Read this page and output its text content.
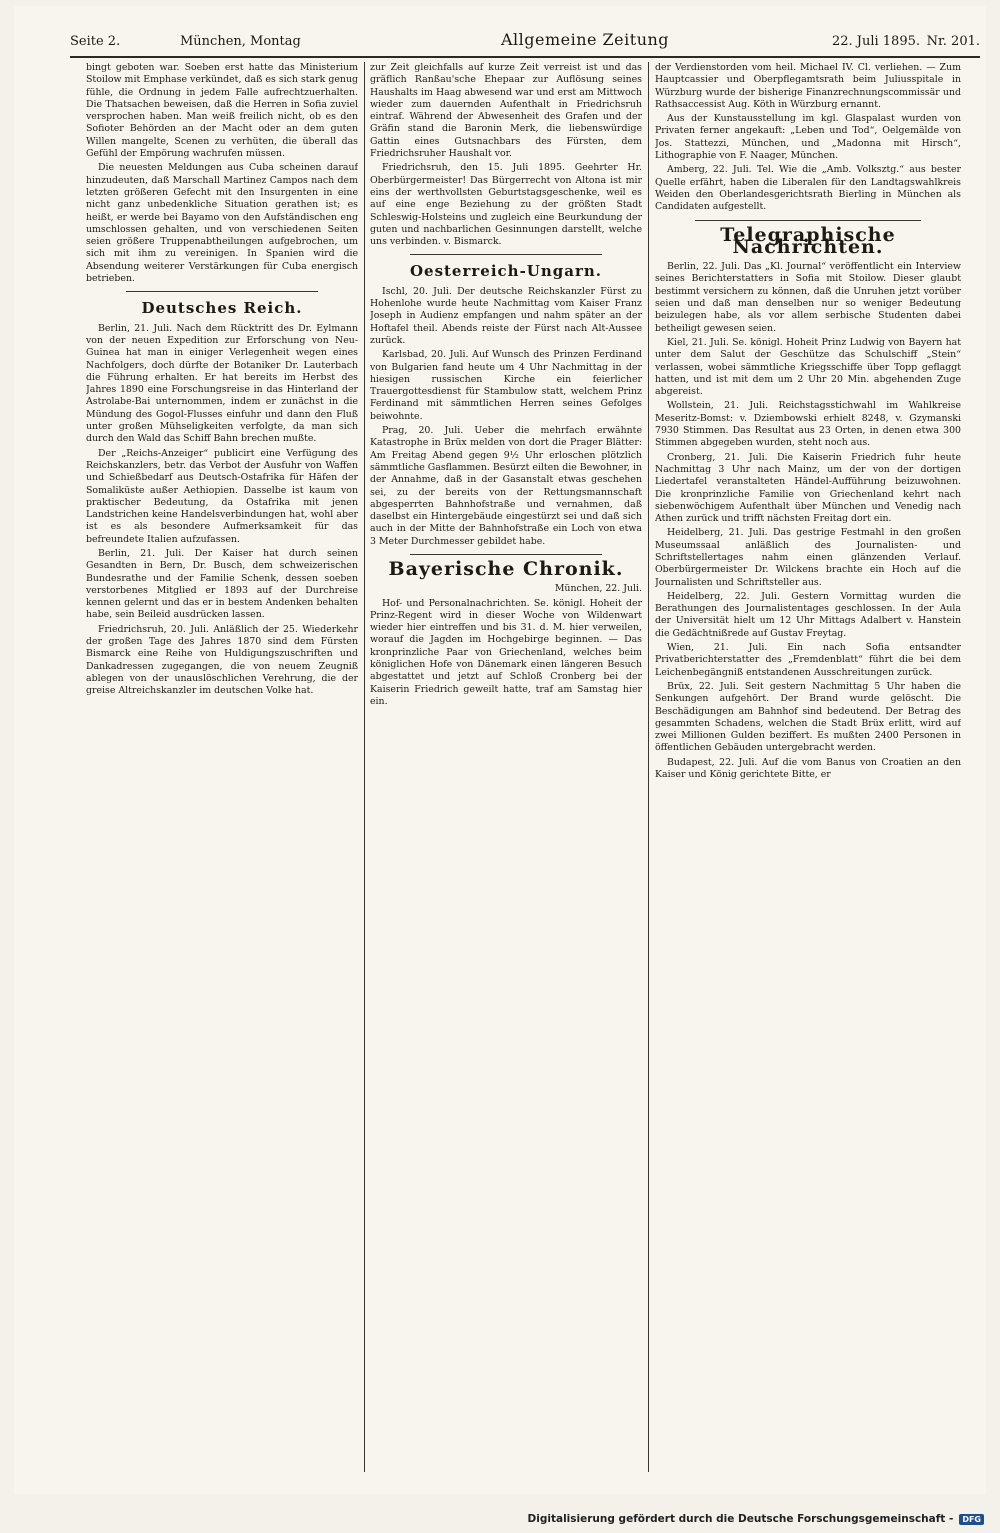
Seite 2.	München, Montag	Allgemeine Zeitung	22. Juli 1895. Nr. 201.

bingt geboten war. Soeben erst hatte das Ministerium Stoilow mit Emphase verkündet, daß es sich stark genug fühle, die Ordnung in jedem Falle aufrechtzuerhalten. Die Thatsachen beweisen, daß die Herren in Sofia zuviel versprochen haben. Man weiß freilich nicht, ob es den Sofioter Behörden an der Macht oder an dem guten Willen mangelte, Scenen zu verhüten, die überall das Gefühl der Empörung wachrufen müssen.

Die neuesten Meldungen aus Cuba scheinen darauf hinzudeuten, daß Marschall Martinez Campos nach dem letzten größeren Gefecht mit den Insurgenten in eine nicht ganz unbedenkliche Situation gerathen ist; es heißt, er werde bei Bayamo von den Aufständischen eng umschlossen gehalten, und von verschiedenen Seiten seien größere Truppenabtheilungen aufgebrochen, um sich mit ihm zu vereinigen. In Spanien wird die Absendung weiterer Verstärkungen für Cuba energisch betrieben.

Deutsches Reich.

Berlin, 21. Juli. Nach dem Rücktritt des Dr. Eylmann von der neuen Expedition zur Erforschung von Neu-Guinea hat man in einiger Verlegenheit wegen eines Nachfolgers, doch dürfte der Botaniker Dr. Lauterbach die Führung erhalten. Er hat bereits im Herbst des Jahres 1890 eine Forschungsreise in das Hinterland der Astrolabe-Bai unternommen, indem er zunächst in die Mündung des Gogol-Flusses einfuhr und dann den Fluß unter großen Mühseligkeiten verfolgte, da man sich durch den Wald das Schiff Bahn brechen mußte.

Der „Reichs-Anzeiger“ publicirt eine Verfügung des Reichskanzlers, betr. das Verbot der Ausfuhr von Waffen und Schießbedarf aus Deutsch-Ostafrika für Häfen der Somaliküste außer Aethiopien. Dasselbe ist kaum von praktischer Bedeutung, da Ostafrika mit jenen Landstrichen keine Handelsverbindungen hat, wohl aber ist es als besondere Aufmerksamkeit für das befreundete Italien aufzufassen.

Berlin, 21. Juli. Der Kaiser hat durch seinen Gesandten in Bern, Dr. Busch, dem schweizerischen Bundesrathe und der Familie Schenk, dessen soeben verstorbenes Mitglied er 1893 auf der Durchreise kennen gelernt und das er in bestem Andenken behalten habe, sein Beileid ausdrücken lassen.

Friedrichsruh, 20. Juli. Anläßlich der 25. Wiederkehr der großen Tage des Jahres 1870 sind dem Fürsten Bismarck eine Reihe von Huldigungszuschriften und Dankadressen zugegangen, die von neuem Zeugniß ablegen von der unauslöschlichen Verehrung, die der greise Altreichskanzler im deutschen Volke hat.

zur Zeit gleichfalls auf kurze Zeit verreist ist und das gräflich Ranßau'sche Ehepaar zur Auflösung seines Haushalts im Haag abwesend war und erst am Mittwoch wieder zum dauernden Aufenthalt in Friedrichsruh eintraf. Während der Abwesenheit des Grafen und der Gräfin stand die Baronin Merk, die liebenswürdige Gattin eines Gutsnachbars des Fürsten, dem Friedrichsruher Haushalt vor.

Friedrichsruh, den 15. Juli 1895. Geehrter Hr. Oberbürgermeister! Das Bürgerrecht von Altona ist mir eins der werthvollsten Geburtstagsgeschenke, weil es auf eine enge Beziehung zu der größten Stadt Schleswig-Holsteins und zugleich eine Beurkundung der guten und nachbarlichen Gesinnungen darstellt, welche uns verbinden. v. Bismarck.

Oesterreich-Ungarn.

Ischl, 20. Juli. Der deutsche Reichskanzler Fürst zu Hohenlohe wurde heute Nachmittag vom Kaiser Franz Joseph in Audienz empfangen und nahm später an der Hoftafel theil. Abends reiste der Fürst nach Alt-Aussee zurück.

Karlsbad, 20. Juli. Auf Wunsch des Prinzen Ferdinand von Bulgarien fand heute um 4 Uhr Nachmittag in der hiesigen russischen Kirche ein feierlicher Trauergottesdienst für Stambulow statt, welchem Prinz Ferdinand mit sämmtlichen Herren seines Gefolges beiwohnte.

Prag, 20. Juli. Ueber die mehrfach erwähnte Katastrophe in Brüx melden von dort die Prager Blätter: Am Freitag Abend gegen 9½ Uhr erloschen plötzlich sämmtliche Gasflammen. Besürzt eilten die Bewohner, in der Annahme, daß in der Gasanstalt etwas geschehen sei, zu der bereits von der Rettungsmannschaft abgesperrten Bahnhofstraße und vernahmen, daß daselbst ein Hintergebäude eingestürzt sei und daß sich auch in der Mitte der Bahnhofstraße ein Loch von etwa 3 Meter Durchmesser gebildet habe.

Bayerische Chronik.

München, 22. Juli.

Hof- und Personalnachrichten. Se. königl. Hoheit der Prinz-Regent wird in dieser Woche von Wildenwart wieder hier eintreffen und bis 31. d. M. hier verweilen, worauf die Jagden im Hochgebirge beginnen. — Das kronprinzliche Paar von Griechenland, welches beim königlichen Hofe von Dänemark einen längeren Besuch abgestattet und jetzt auf Schloß Cronberg bei der Kaiserin Friedrich geweilt hatte, traf am Samstag hier ein.

der Verdienstorden vom heil. Michael IV. Cl. verliehen. — Zum Hauptcassier und Oberpflegamtsrath beim Juliusspitale in Würzburg wurde der bisherige Finanzrechnungscommissär und Rathsaccessist Aug. Köth in Würzburg ernannt.

Aus der Kunstausstellung im kgl. Glaspalast wurden von Privaten ferner angekauft: „Leben und Tod“, Oelgemälde von Jos. Stattezzi, München, und „Madonna mit Hirsch“, Lithographie von F. Naager, München.

Amberg, 22. Juli. Tel. Wie die „Amb. Volksztg.“ aus bester Quelle erfährt, haben die Liberalen für den Landtagswahlkreis Weiden den Oberlandesgerichtsrath Bierling in München als Candidaten aufgestellt.

Telegraphische Nachrichten.

Berlin, 22. Juli. Das „Kl. Journal“ veröffentlicht ein Interview seines Berichterstatters in Sofia mit Stoilow. Dieser glaubt bestimmt versichern zu können, daß die Unruhen jetzt vorüber seien und daß man denselben nur so weniger Bedeutung beizulegen habe, als vor allem serbische Studenten dabei betheiligt gewesen seien.

Kiel, 21. Juli. Se. königl. Hoheit Prinz Ludwig von Bayern hat unter dem Salut der Geschütze das Schulschiff „Stein“ verlassen, wobei sämmtliche Kriegsschiffe über Topp geflaggt hatten, und ist mit dem um 2 Uhr 20 Min. abgehenden Zuge abgereist.

Wollstein, 21. Juli. Reichstagsstichwahl im Wahlkreise Meseritz-Bomst: v. Dziembowski erhielt 8248, v. Gzymanski 7930 Stimmen. Das Resultat aus 23 Orten, in denen etwa 300 Stimmen abgegeben wurden, steht noch aus.

Cronberg, 21. Juli. Die Kaiserin Friedrich fuhr heute Nachmittag 3 Uhr nach Mainz, um der von der dortigen Liedertafel veranstalteten Händel-Aufführung beizuwohnen. Die kronprinzliche Familie von Griechenland kehrt nach siebenwöchigem Aufenthalt über München und Venedig nach Athen zurück und trifft nächsten Freitag dort ein.

Heidelberg, 21. Juli. Das gestrige Festmahl in den großen Museumssaal anläßlich des Journalisten- und Schriftstellertages nahm einen glänzenden Verlauf. Oberbürgermeister Dr. Wilckens brachte ein Hoch auf die Journalisten und Schriftsteller aus.

Heidelberg, 22. Juli. Gestern Vormittag wurden die Berathungen des Journalistentages geschlossen. In der Aula der Universität hielt um 12 Uhr Mittags Adalbert v. Hanstein die Gedächtnißrede auf Gustav Freytag.

Wien, 21. Juli. Ein nach Sofia entsandter Privatberichterstatter des „Fremdenblatt“ führt die bei dem Leichenbegängniß entstandenen Ausschreitungen zurück.

Brüx, 22. Juli. Seit gestern Nachmittag 5 Uhr haben die Senkungen aufgehört. Der Brand wurde gelöscht. Die Beschädigungen am Bahnhof sind bedeutend. Der Betrag des gesammten Schadens, welchen die Stadt Brüx erlitt, wird auf zwei Millionen Gulden beziffert. Es mußten 2400 Personen in öffentlichen Gebäuden untergebracht werden.

Budapest, 22. Juli. Auf die vom Banus von Croatien an den Kaiser und König gerichtete Bitte, er

Digitalisierung gefördert durch die Deutsche Forschungsgemeinschaft -	DFG
